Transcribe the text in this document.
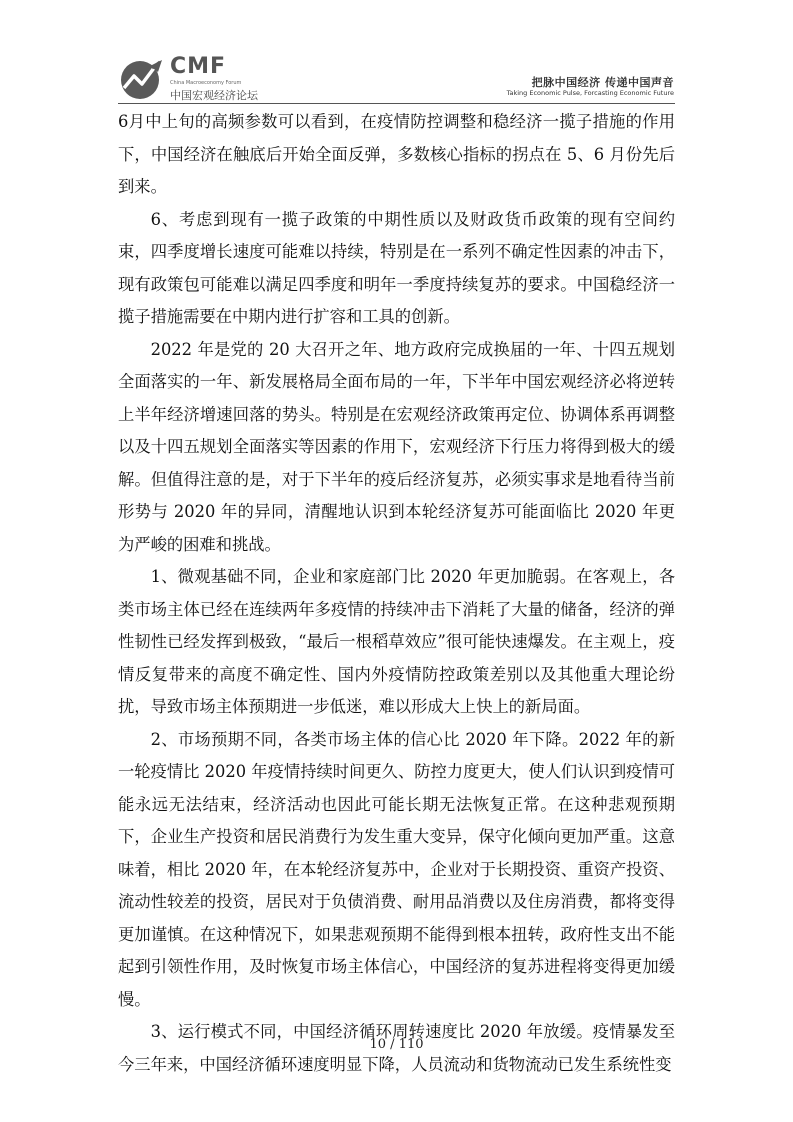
CMF
China Macroeconomy Forum
中国宏观经济论坛
把脉中国经济 传递中国声音
Taking Economic Pulse, Forcasting Economic Future

6月中上旬的高频参数可以看到，在疫情防控调整和稳经济一揽子措施的作用下，中国经济在触底后开始全面反弹，多数核心指标的拐点在 5、6 月份先后到来。

6、考虑到现有一揽子政策的中期性质以及财政货币政策的现有空间约束，四季度增长速度可能难以持续，特别是在一系列不确定性因素的冲击下，现有政策包可能难以满足四季度和明年一季度持续复苏的要求。中国稳经济一揽子措施需要在中期内进行扩容和工具的创新。

2022 年是党的 20 大召开之年、地方政府完成换届的一年、十四五规划全面落实的一年、新发展格局全面布局的一年，下半年中国宏观经济必将逆转上半年经济增速回落的势头。特别是在宏观经济政策再定位、协调体系再调整以及十四五规划全面落实等因素的作用下，宏观经济下行压力将得到极大的缓解。但值得注意的是，对于下半年的疫后经济复苏，必须实事求是地看待当前形势与 2020 年的异同，清醒地认识到本轮经济复苏可能面临比 2020 年更为严峻的困难和挑战。

1、微观基础不同，企业和家庭部门比 2020 年更加脆弱。在客观上，各类市场主体已经在连续两年多疫情的持续冲击下消耗了大量的储备，经济的弹性韧性已经发挥到极致，“最后一根稻草效应”很可能快速爆发。在主观上，疫情反复带来的高度不确定性、国内外疫情防控政策差别以及其他重大理论纷扰，导致市场主体预期进一步低迷，难以形成大上快上的新局面。

2、市场预期不同，各类市场主体的信心比 2020 年下降。2022 年的新一轮疫情比 2020 年疫情持续时间更久、防控力度更大，使人们认识到疫情可能永远无法结束，经济活动也因此可能长期无法恢复正常。在这种悲观预期下，企业生产投资和居民消费行为发生重大变异，保守化倾向更加严重。这意味着，相比 2020 年，在本轮经济复苏中，企业对于长期投资、重资产投资、流动性较差的投资，居民对于负债消费、耐用品消费以及住房消费，都将变得更加谨慎。在这种情况下，如果悲观预期不能得到根本扭转，政府性支出不能起到引领性作用，及时恢复市场主体信心，中国经济的复苏进程将变得更加缓慢。

3、运行模式不同，中国经济循环周转速度比 2020 年放缓。疫情暴发至今三年来，中国经济循环速度明显下降，人员流动和货物流动已发生系统性变

10 / 110
